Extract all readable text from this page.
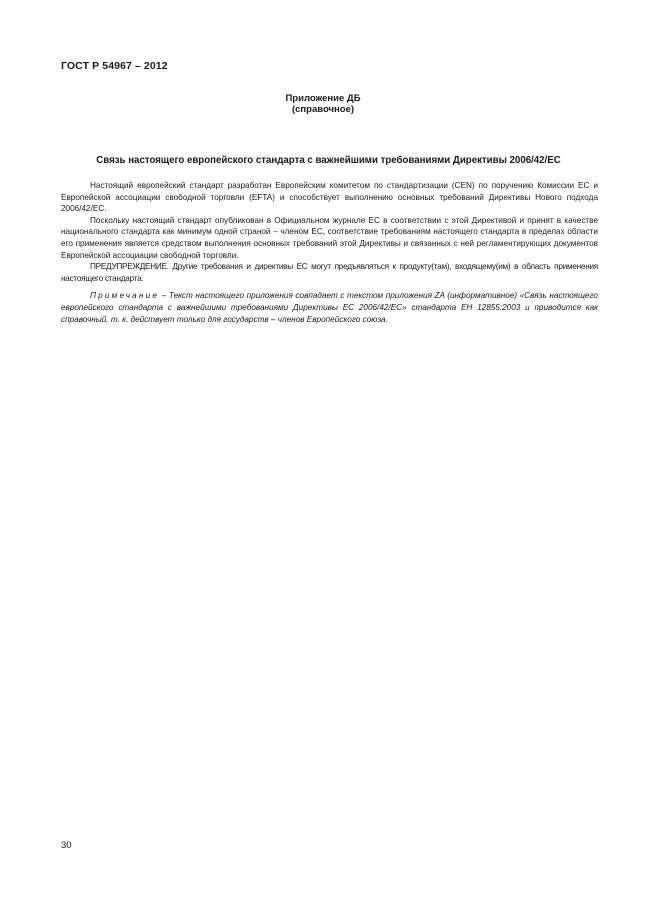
ГОСТ Р 54967 – 2012
Приложение ДБ
(справочное)
Связь настоящего европейского стандарта с важнейшими требованиями Директивы 2006/42/ЕС

Настоящий европейский стандарт разработан Европейским комитетом по стандартизации (CEN) по поручению Комиссии ЕС и Европейской ассоциации свободной торговли (EFTA) и способствует выполнению основных требований Директивы Нового подхода 2006/42/ЕС.

Поскольку настоящий стандарт опубликован в Официальном журнале ЕС в соответствии с этой Директивой и принят в качестве национального стандарта как минимум одной страной – членом ЕС, соответствие требованиям настоящего стандарта в пределах области его применения является средством выполнения основных требований этой Директивы и связанных с ней регламентирующих документов Европейской ассоциации свободной торговли.

ПРЕДУПРЕЖДЕНИЕ. Другие требования и директивы ЕС могут предъявляться к продукту(там), входящему(им) в область применения настоящего стандарта.

Примечание – Текст настоящего приложения совпадает с текстом приложения ZA (информативное) «Связь настоящего европейского стандарта с важнейшими требованиями Директивы ЕС 2006/42/ЕС» стандарта ЕН 12855:2003 и приводится как справочный, т. к. действует только для государств – членов Европейского союза.

30
